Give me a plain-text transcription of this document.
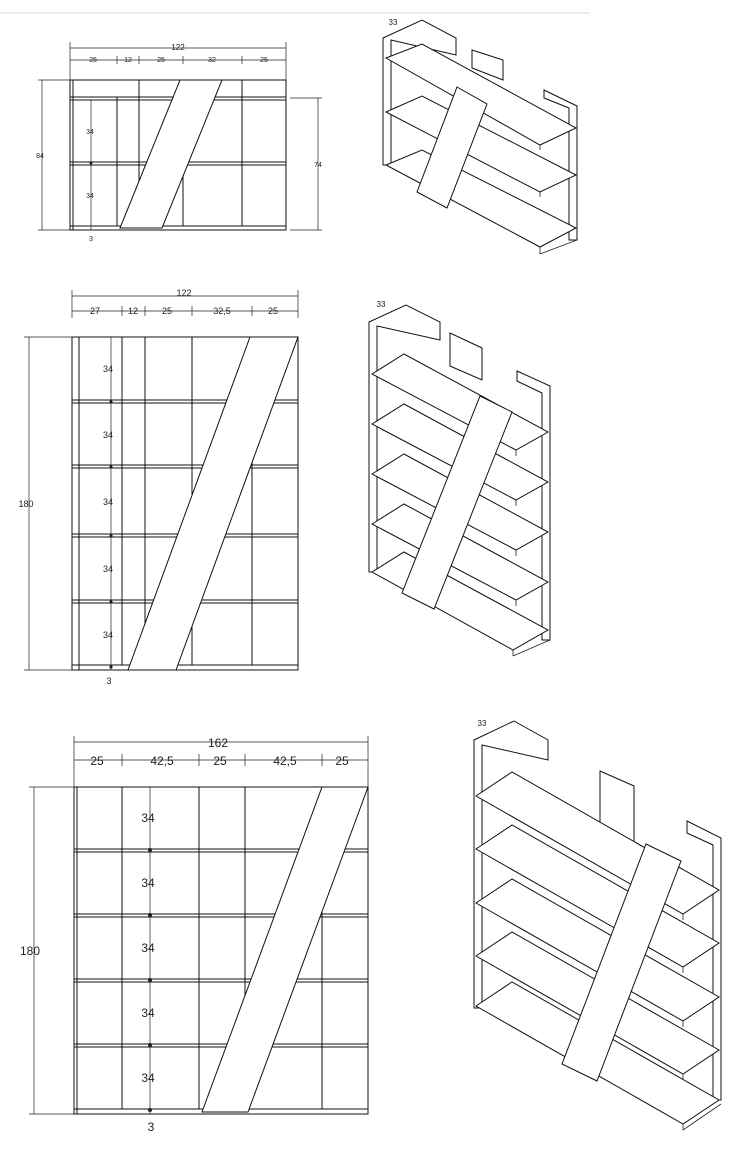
122
25	12	25	32	25
84
74
34
34
3
33
122
27	12	25	32,5	25
180
34
34
34
34
34
3
33
162
25	42,5	25	42,5	25
180
34
34
34
34
34
3
33
